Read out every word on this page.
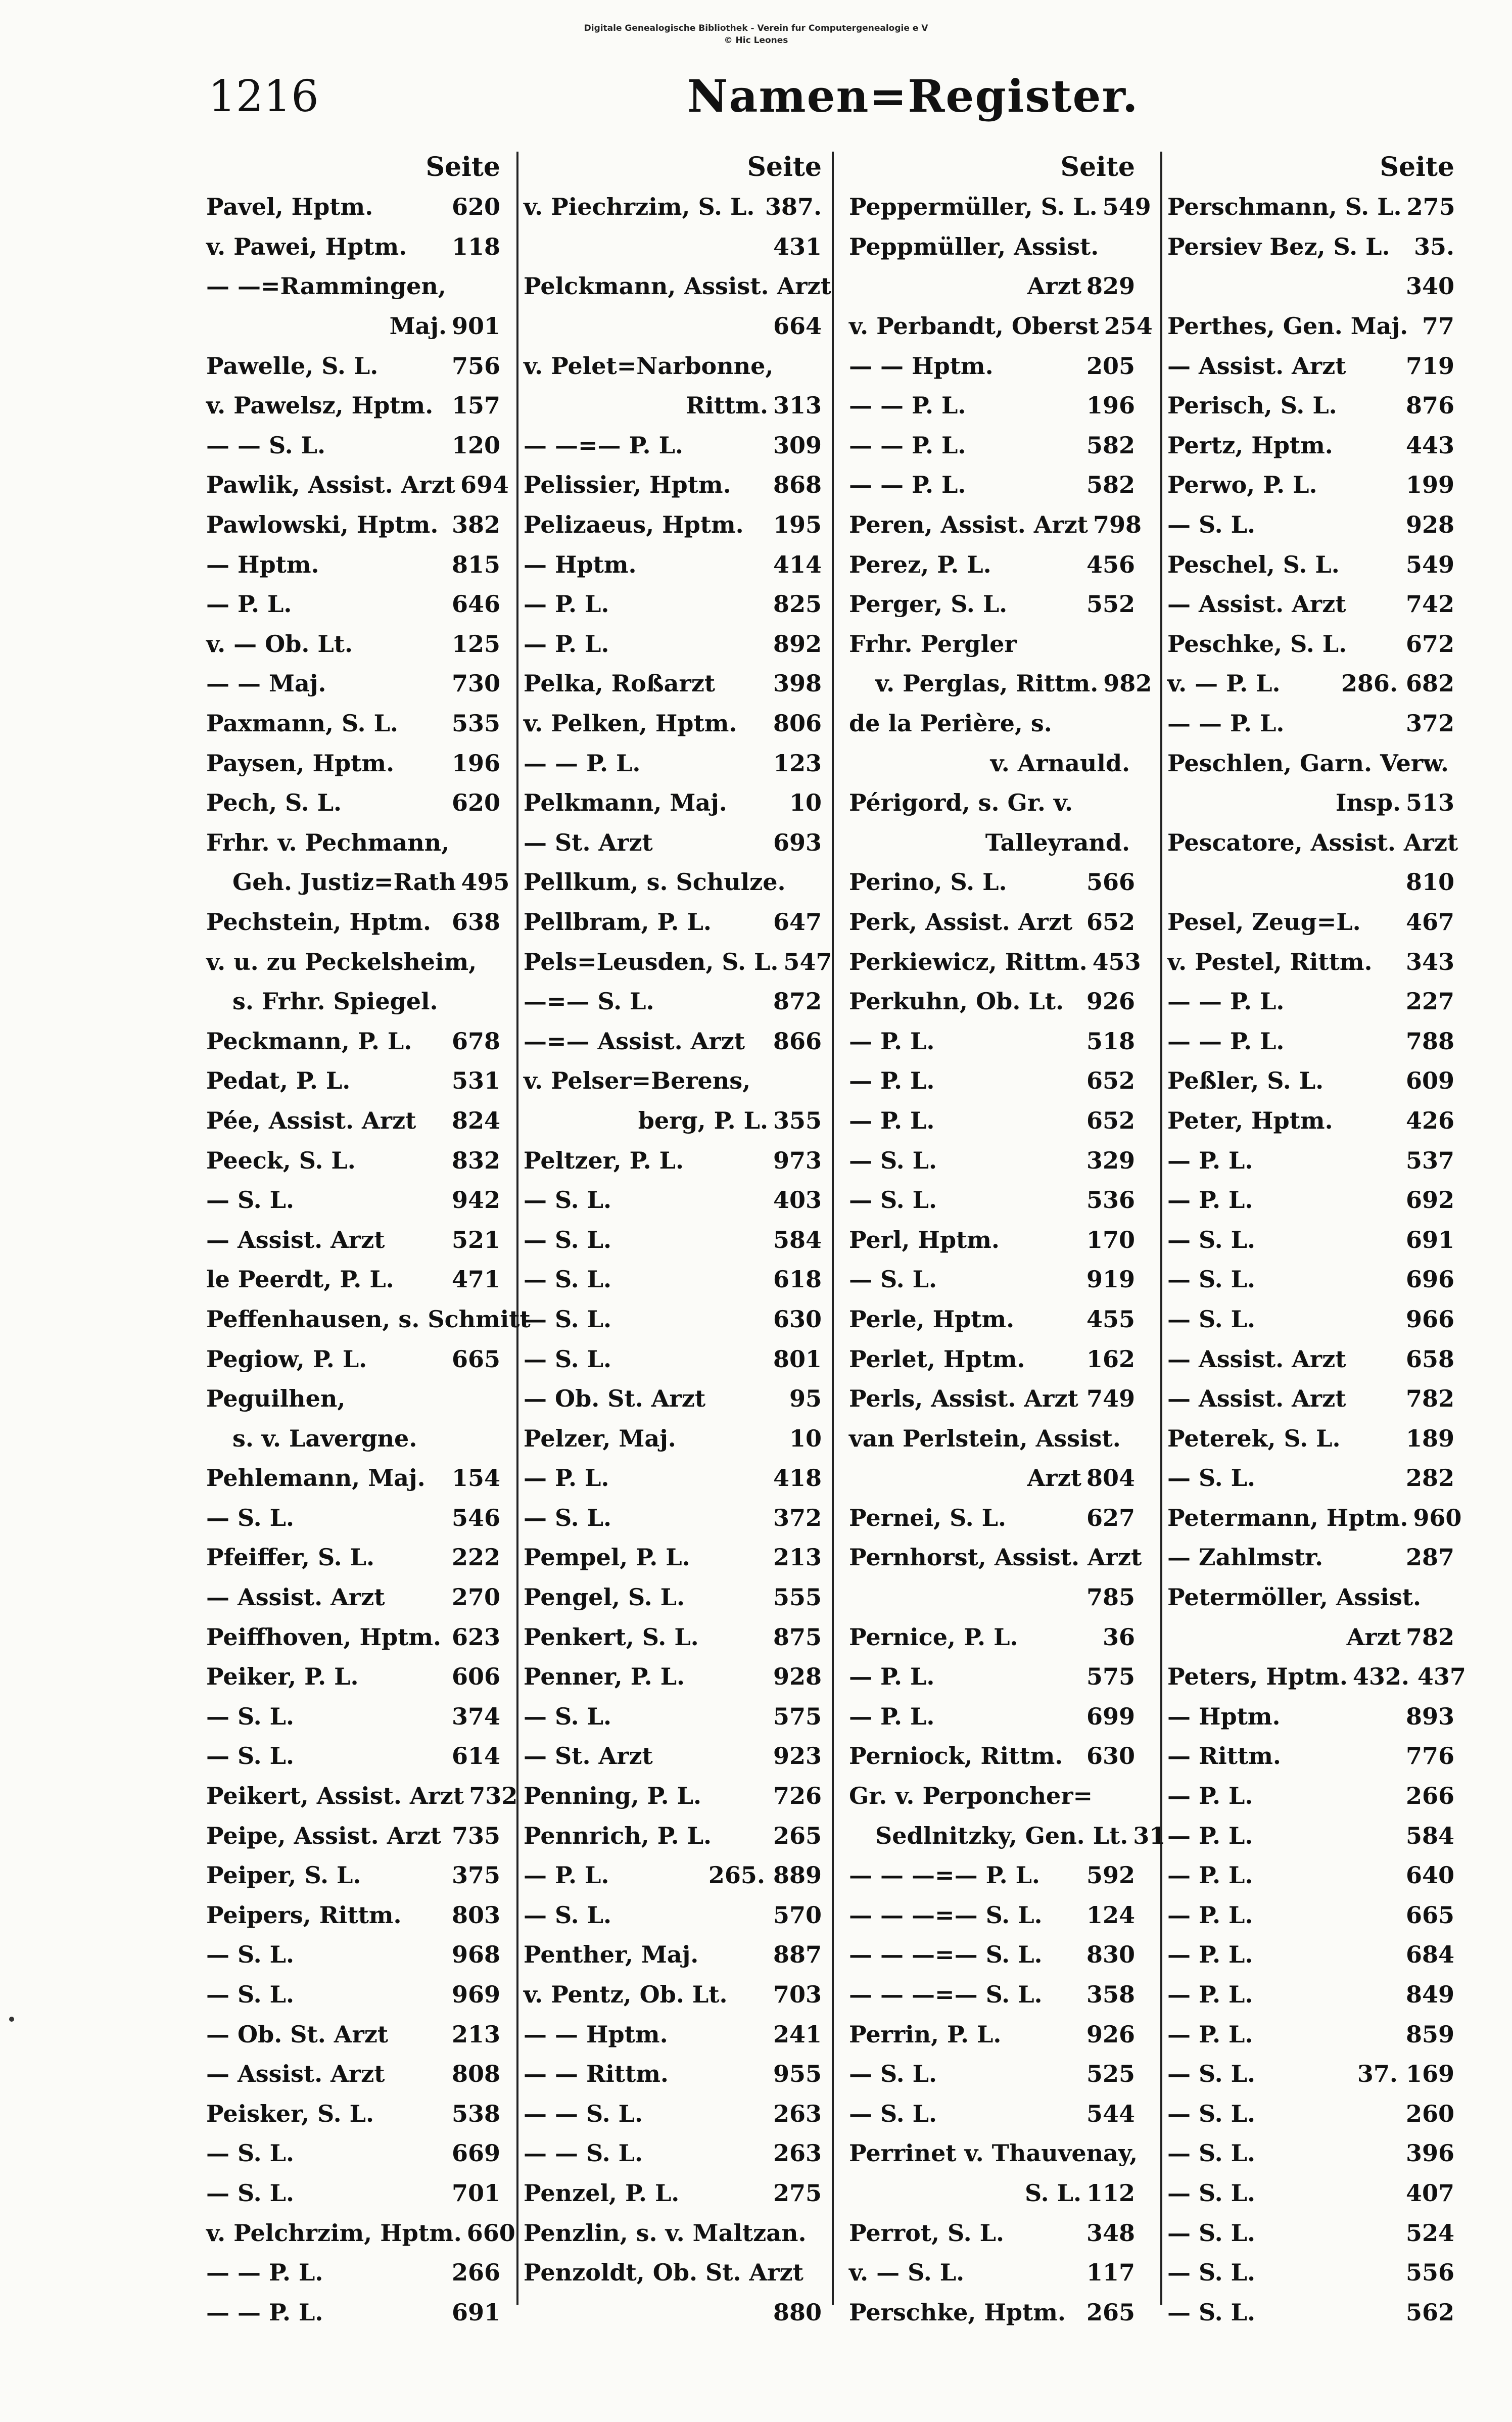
Digitale Genealogische Bibliothek - Verein fur Computergenealogie e V
© Hic Leones
1216	Namen=Register.
Seite
Pavel, Hptm.	620
v. Pawei, Hptm. 118
— —=Rammingen,
Maj. 901
Pawelle, S. L.	756
v. Pawelsz, Hptm. 157
— — S. L.	120
Pawlik, Assist. Arzt 694
Pawlowski, Hptm. 382
— Hptm.	815
— P. L.	646
v. — Ob. Lt.	125
— — Maj.	730
Paxmann, S. L. 535
Paysen, Hptm. 196
Pech, S. L.	620
Frhr. v. Pechmann,
Geh. Justiz=Rath 495
Pechstein, Hptm. 638
v. u. zu Peckelsheim,
s. Frhr. Spiegel.
Peckmann, P. L. 678
Pedat, P. L.	531
Pée, Assist. Arzt 824
Peeck, S. L.	832
— S. L.	942
— Assist. Arzt	521
le Peerdt, P. L. 471
Peffenhausen, s. Schmitt
Pegiow, P. L.	665
Peguilhen,
s. v. Lavergne.
Pehlemann, Maj. 154
— S. L.	546
Pfeiffer, S. L.	222
— Assist. Arzt	270
Peiffhoven, Hptm. 623
Peiker, P. L.	606
— S. L.	374
— S. L.	614
Peikert, Assist. Arzt 732
Peipe, Assist. Arzt 735
Peiper, S. L.	375
Peipers, Rittm. 803
— S. L.	968
— S. L.	969
— Ob. St. Arzt	213
— Assist. Arzt	808
Peisker, S. L.	538
— S. L.	669
— S. L.	701
v. Pelchrzim, Hptm. 660
— — P. L.	266
— — P. L.	691
Seite
v. Piechrzim, S. L. 387.
431
Pelckmann, Assist. Arzt
664
v. Pelet=Narbonne,
Rittm. 313
— —=— P. L.	309
Pelissier, Hptm. 868
Pelizaeus, Hptm. 195
— Hptm.	414
— P. L.	825
— P. L.	892
Pelka, Roßarzt 398
v. Pelken, Hptm. 806
— — P. L.	123
Pelkmann, Maj.	10
— St. Arzt	693
Pellkum, s. Schulze.
Pellbram, P. L.	647
Pels=Leusden, S. L. 547
—=— S. L.	872
—=— Assist. Arzt 866
v. Pelser=Berens,
berg, P. L. 355
Peltzer, P. L.	973
— S. L.	403
— S. L.	584
— S. L.	618
— S. L.	630
— S. L.	801
— Ob. St. Arzt	95
Pelzer, Maj.	10
— P. L.	418
— S. L.	372
Pempel, P. L.	213
Pengel, S. L.	555
Penkert, S. L.	875
Penner, P. L.	928
— S. L.	575
— St. Arzt	923
Penning, P. L.	726
Pennrich, P. L.	265
— P. L.	265. 889
— S. L.	570
Penther, Maj.	887
v. Pentz, Ob. Lt. 703
— — Hptm.	241
— — Rittm.	955
— — S. L.	263
— — S. L.	263
Penzel, P. L.	275
Penzlin, s. v. Maltzan.
Penzoldt, Ob. St. Arzt
880
Seite
Peppermüller, S. L. 549
Peppmüller, Assist.
Arzt 829
v. Perbandt, Oberst 254
— — Hptm.	205
— — P. L.	196
— — P. L.	582
— — P. L.	582
Peren, Assist. Arzt 798
Perez, P. L.	456
Perger, S. L.	552
Frhr. Pergler
v. Perglas, Rittm. 982
de la Perière, s.
v. Arnauld.
Périgord, s. Gr. v.
Talleyrand.
Perino, S. L.	566
Perk, Assist. Arzt 652
Perkiewicz, Rittm. 453
Perkuhn, Ob. Lt. 926
— P. L.	518
— P. L.	652
— P. L.	652
— S. L.	329
— S. L.	536
Perl, Hptm.	170
— S. L.	919
Perle, Hptm.	455
Perlet, Hptm.	162
Perls, Assist. Arzt 749
van Perlstein, Assist.
Arzt 804
Pernei, S. L.	627
Pernhorst, Assist. Arzt
785
Pernice, P. L.	36
— P. L.	575
— P. L.	699
Perniock, Rittm. 630
Gr. v. Perponcher=
Sedlnitzky, Gen. Lt. 31
— — —=— P. L. 592
— — —=— S. L. 124
— — —=— S. L. 830
— — —=— S. L. 358
Perrin, P. L.	926
— S. L.	525
— S. L.	544
Perrinet v. Thauvenay,
S. L. 112
Perrot, S. L.	348
v. — S. L.	117
Perschke, Hptm. 265
Seite
Perschmann, S. L. 275
Persiev Bez, S. L. 35.
340
Perthes, Gen. Maj. 77
— Assist. Arzt	719
Perisch, S. L.	876
Pertz, Hptm.	443
Perwo, P. L.	199
— S. L.	928
Peschel, S. L.	549
— Assist. Arzt	742
Peschke, S. L.	672
v. — P. L.	286. 682
— — P. L.	372
Peschlen, Garn. Verw.
Insp. 513
Pescatore, Assist. Arzt
810
Pesel, Zeug=L. 467
v. Pestel, Rittm. 343
— — P. L.	227
— — P. L.	788
Peßler, S. L.	609
Peter, Hptm.	426
— P. L.	537
— P. L.	692
— S. L.	691
— S. L.	696
— S. L.	966
— Assist. Arzt	658
— Assist. Arzt	782
Peterek, S. L.	189
— S. L.	282
Petermann, Hptm. 960
— Zahlmstr.	287
Petermöller, Assist.
Arzt 782
Peters, Hptm. 432. 437
— Hptm.	893
— Rittm.	776
— P. L.	266
— P. L.	584
— P. L.	640
— P. L.	665
— P. L.	684
— P. L.	849
— P. L.	859
— S. L.	37. 169
— S. L.	260
— S. L.	396
— S. L.	407
— S. L.	524
— S. L.	556
— S. L.	562
